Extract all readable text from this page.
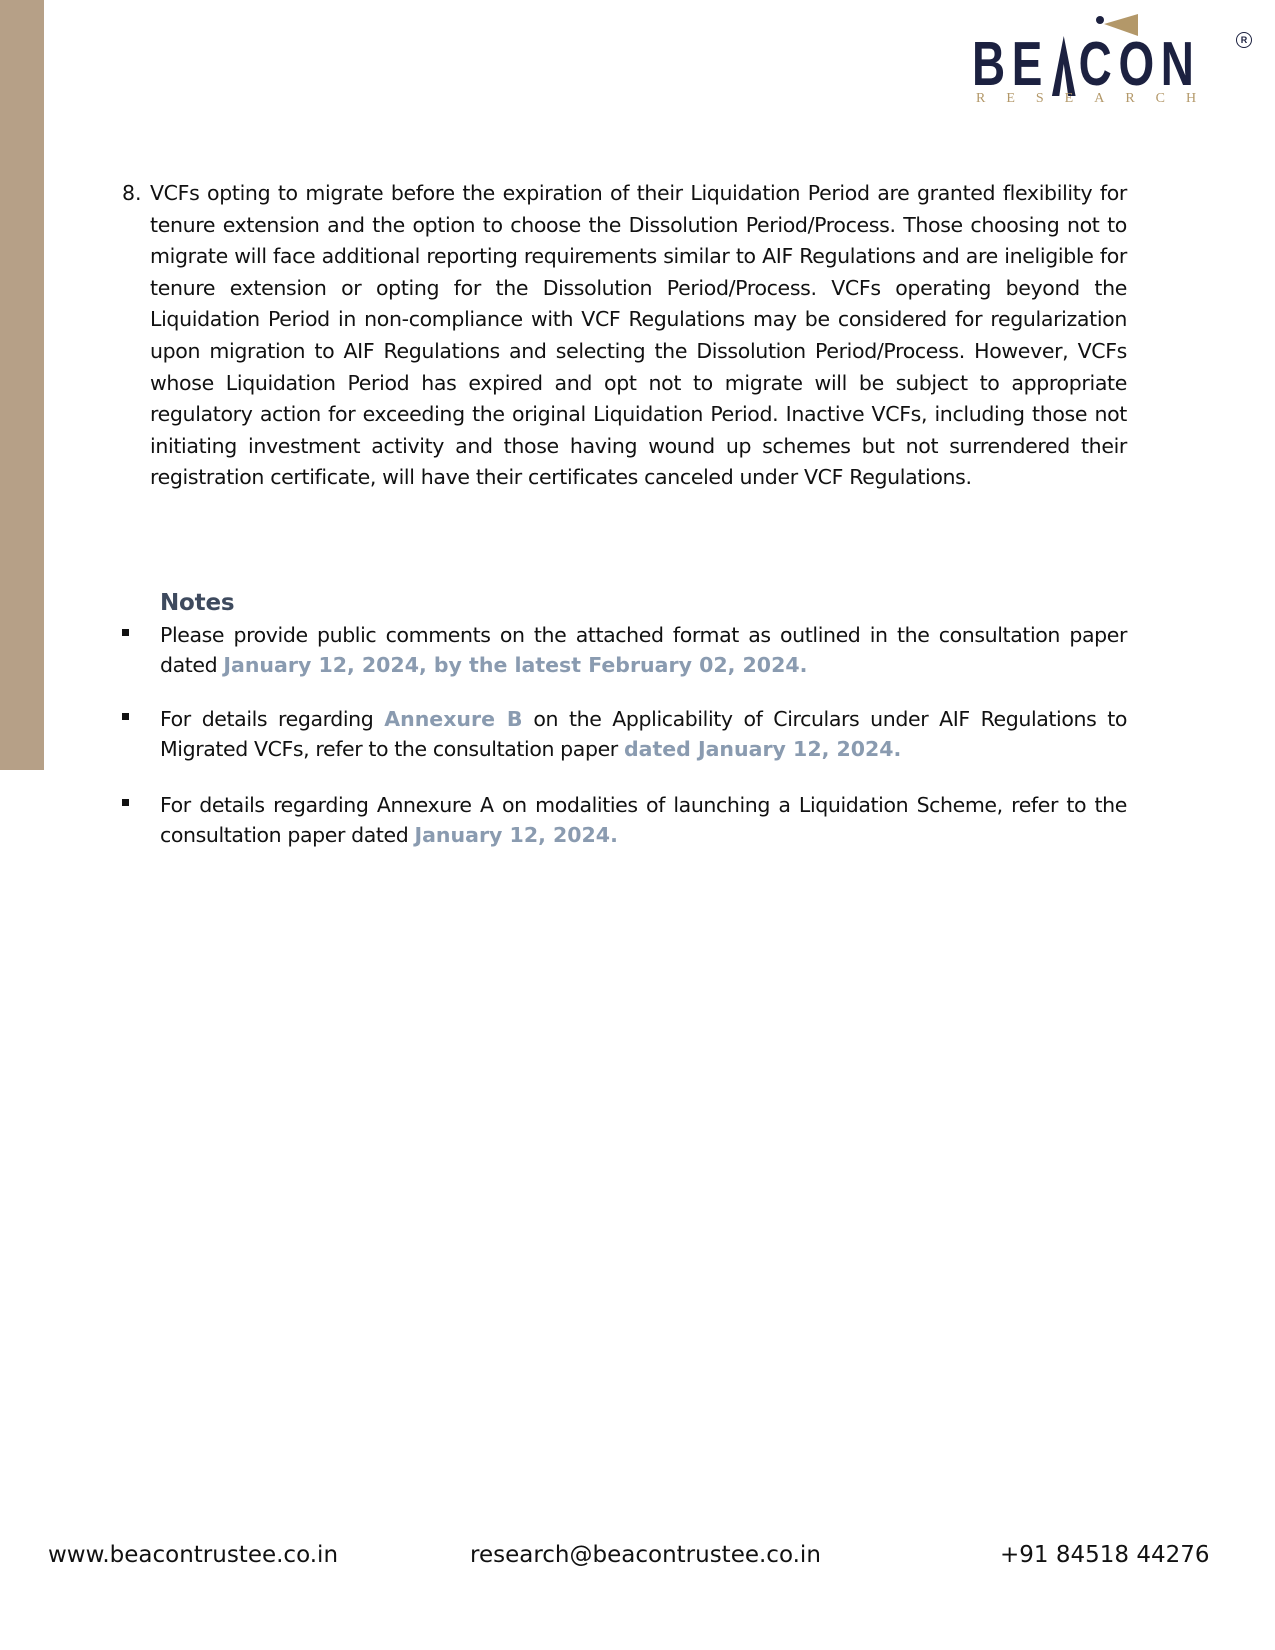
BE CON	R
RESEARCH
8. VCFs opting to migrate before the expiration of their Liquidation Period are granted flexibility for tenure extension and the option to choose the Dissolution Period/Process. Those choosing not to migrate will face additional reporting requirements similar to AIF Regulations and are ineligible for tenure extension or opting for the Dissolution Period/Process. VCFs operating beyond the Liquidation Period in non-compliance with VCF Regulations may be considered for regularization upon migration to AIF Regulations and selecting the Dissolution Period/Process. However, VCFs whose Liquidation Period has expired and opt not to migrate will be subject to appropriate regulatory action for exceeding the original Liquidation Period. Inactive VCFs, including those not initiating investment activity and those having wound up schemes but not surrendered their registration certificate, will have their certificates canceled under VCF Regulations.
Notes
Please provide public comments on the attached format as outlined in the consultation paper dated January 12, 2024, by the latest February 02, 2024.
For details regarding Annexure B on the Applicability of Circulars under AIF Regulations to Migrated VCFs, refer to the consultation paper dated January 12, 2024.
For details regarding Annexure A on modalities of launching a Liquidation Scheme, refer to the consultation paper dated January 12, 2024.
www.beacontrustee.co.in	research@beacontrustee.co.in	+91 84518 44276
